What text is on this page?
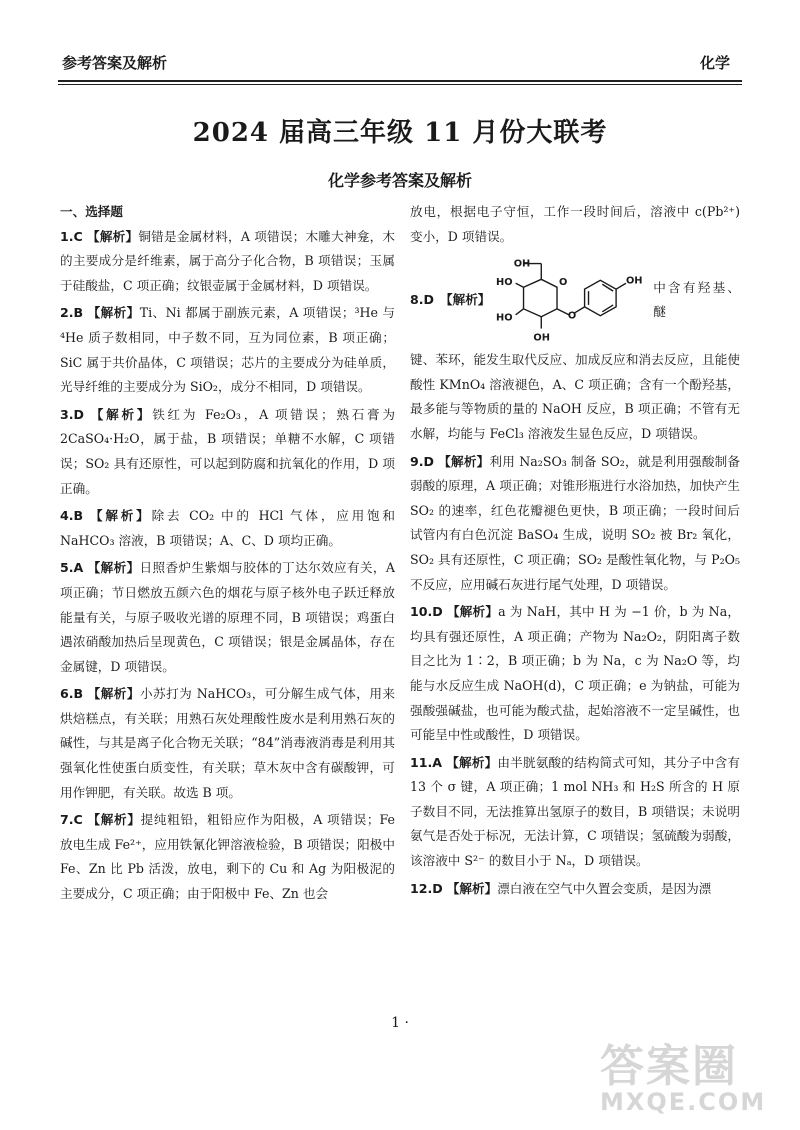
参考答案及解析	化学
2024 届高三年级 11 月份大联考
化学参考答案及解析
一、选择题
1.C 【解析】铜错是金属材料，A 项错误；木雕大神龛，木的主要成分是纤维素，属于高分子化合物，B 项错误；玉属于硅酸盐，C 项正确；纹银壶属于金属材料，D 项错误。
2.B 【解析】Ti、Ni 都属于副族元素，A 项错误；³He 与⁴He 质子数相同，中子数不同，互为同位素，B 项正确；SiC 属于共价晶体，C 项错误；芯片的主要成分为硅单质，光导纤维的主要成分为 SiO₂，成分不相同，D 项错误。
3.D 【解析】铁红为 Fe₂O₃，A 项错误；熟石膏为 2CaSO₄·H₂O，属于盐，B 项错误；单糖不水解，C 项错误；SO₂ 具有还原性，可以起到防腐和抗氧化的作用，D 项正确。
4.B 【解析】除去 CO₂ 中的 HCl 气体，应用饱和 NaHCO₃ 溶液，B 项错误；A、C、D 项均正确。
5.A 【解析】日照香炉生紫烟与胶体的丁达尔效应有关，A 项正确；节日燃放五颜六色的烟花与原子核外电子跃迁释放能量有关，与原子吸收光谱的原理不同，B 项错误；鸡蛋白遇浓硝酸加热后呈现黄色，C 项错误；银是金属晶体，存在金属键，D 项错误。
6.B 【解析】小苏打为 NaHCO₃，可分解生成气体，用来烘焙糕点，有关联；用熟石灰处理酸性废水是利用熟石灰的碱性，与其是离子化合物无关联；“84”消毒液消毒是利用其强氧化性使蛋白质变性，有关联；草木灰中含有碳酸钾，可用作钾肥，有关联。故选 B 项。
7.C 【解析】提纯粗铅，粗铅应作为阳极，A 项错误；Fe 放电生成 Fe²⁺，应用铁氰化钾溶液检验，B 项错误；阳极中 Fe、Zn 比 Pb 活泼，放电，剩下的 Cu 和 Ag 为阳极泥的主要成分，C 项正确；由于阳极中 Fe、Zn 也会
放电，根据电子守恒，工作一段时间后，溶液中 c(Pb²⁺) 变小，D 项错误。
8.D 【解析】
O
OH
HO
HO
OH
O
OH 中含有羟基、醚
键、苯环，能发生取代反应、加成反应和消去反应，且能使酸性 KMnO₄ 溶液褪色，A、C 项正确；含有一个酚羟基，最多能与等物质的量的 NaOH 反应，B 项正确；不管有无水解，均能与 FeCl₃ 溶液发生显色反应，D 项错误。
9.D 【解析】利用 Na₂SO₃ 制备 SO₂，就是利用强酸制备弱酸的原理，A 项正确；对锥形瓶进行水浴加热，加快产生 SO₂ 的速率，红色花瓣褪色更快，B 项正确；一段时间后试管内有白色沉淀 BaSO₄ 生成，说明 SO₂ 被 Br₂ 氧化，SO₂ 具有还原性，C 项正确；SO₂ 是酸性氧化物，与 P₂O₅ 不反应，应用碱石灰进行尾气处理，D 项错误。
10.D 【解析】a 为 NaH，其中 H 为 −1 价，b 为 Na，均具有强还原性，A 项正确；产物为 Na₂O₂，阴阳离子数目之比为 1∶2，B 项正确；b 为 Na，c 为 Na₂O 等，均能与水反应生成 NaOH(d)，C 项正确；e 为钠盐，可能为强酸强碱盐，也可能为酸式盐，起始溶液不一定呈碱性，也可能呈中性或酸性，D 项错误。
11.A 【解析】由半胱氨酸的结构简式可知，其分子中含有 13 个 σ 键，A 项正确；1 mol NH₃ 和 H₂S 所含的 H 原子数目不同，无法推算出氢原子的数目，B 项错误；未说明氨气是否处于标况，无法计算，C 项错误；氢硫酸为弱酸，该溶液中 S²⁻ 的数目小于 Nₐ，D 项错误。
12.D 【解析】漂白液在空气中久置会变质，是因为漂
1 ·
答案圈
MXQE.COM
